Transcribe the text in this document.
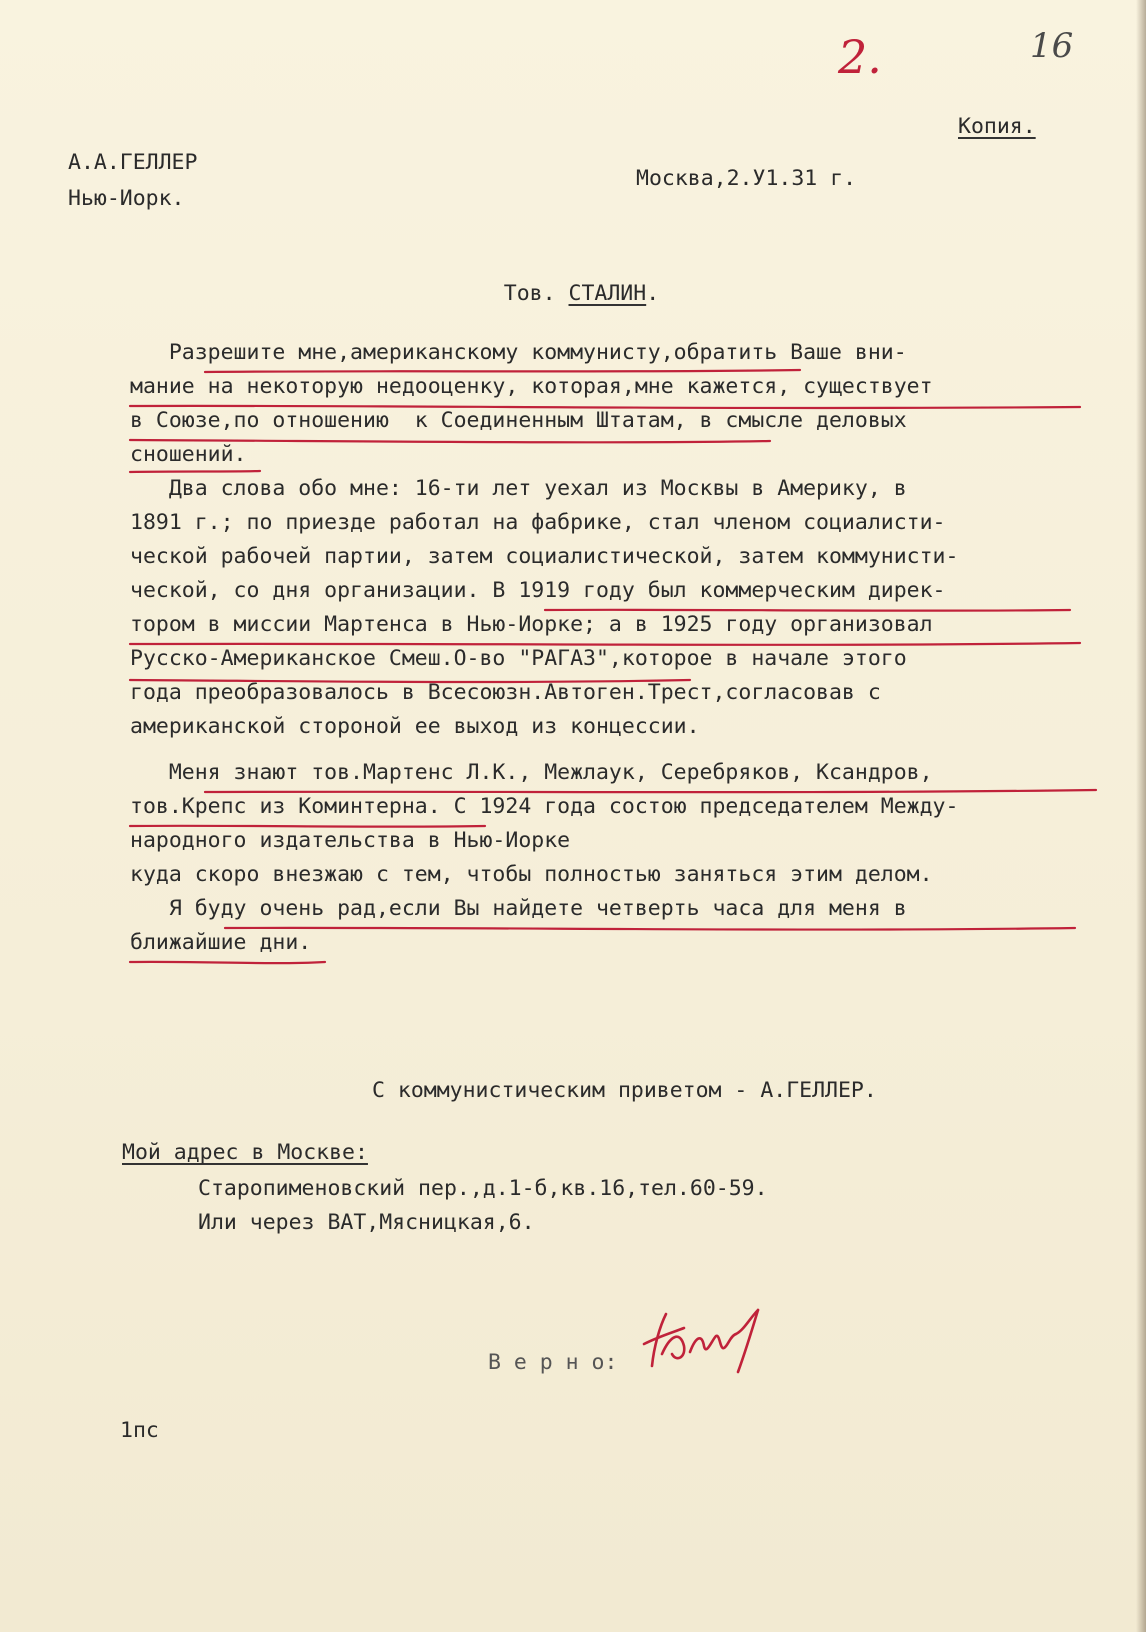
2.	16
Копия.
А.А.ГЕЛЛЕР
Нью-Иорк.
Москва,2.У1.31 г.

Тов. СТАЛИН.

Разрешите мне,американскому коммунисту,обратить Ваше вни-
мание на некоторую недооценку, которая,мне кажется, существует
в Союзе,по отношению  к Соединенным Штатам, в смысле деловых
сношений.
Два слова обо мне: 16-ти лет уехал из Москвы в Америку, в
1891 г.; по приезде работал на фабрике, стал членом социалисти-
ческой рабочей партии, затем социалистической, затем коммунисти-
ческой, со дня организации. В 1919 году был коммерческим дирек-
тором в миссии Мартенса в Нью-Иорке; а в 1925 году организовал
Русско-Американское Смеш.О-во "РАГАЗ",которое в начале этого
года преобразовалось в Всесоюзн.Автоген.Трест,согласовав с
американской стороной ее выход из концессии.
Меня знают тов.Мартенс Л.К., Межлаук, Серебряков, Ксандров,
тов.Крепс из Коминтерна. С 1924 года состою председателем Между-
народного издательства в Нью-Иорке
куда скоро внезжаю с тем, чтобы полностью заняться этим делом.
Я буду очень рад,если Вы найдете четверть часа для меня в
ближайшие дни.
С коммунистическим приветом - А.ГЕЛЛЕР.
Мой адрес в Москве:
Старопименовский пер.,д.1-б,кв.16,тел.60-59.
Или через ВАТ,Мясницкая,6.
В е р н о:
1пс
